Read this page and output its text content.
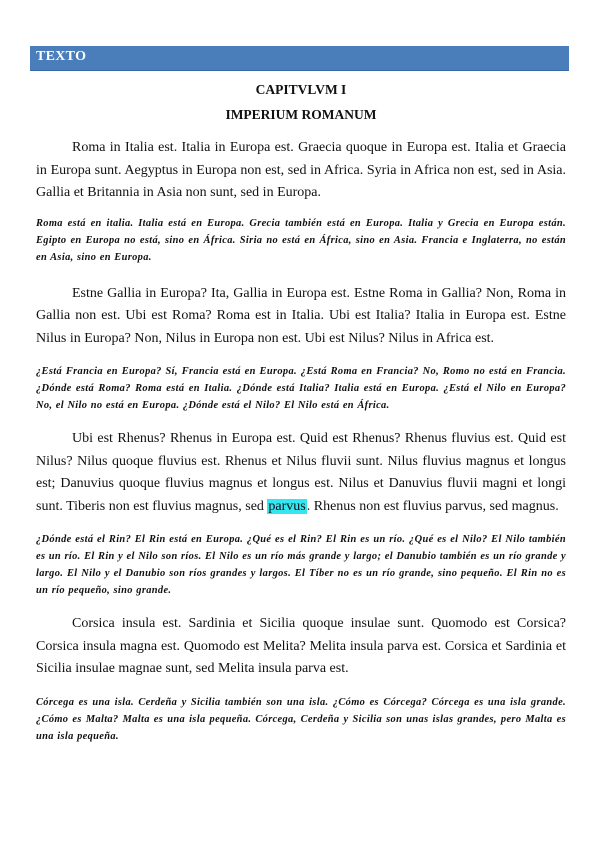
TEXTO

CAPITVLVM I

IMPERIUM ROMANUM

Roma in Italia est. Italia in Europa est. Graecia quoque in Europa est. Italia et Graecia in Europa sunt. Aegyptus in Europa non est, sed in Africa. Syria in Africa non est, sed in Asia. Gallia et Britannia in Asia non sunt, sed in Europa.

Roma está en italia. Italia está en Europa. Grecia también está en Europa. Italia y Grecia en Europa están. Egipto en Europa no está, sino en África. Siria no está en África, sino en Asia. Francia e Inglaterra, no están en Asia, sino en Europa.

Estne Gallia in Europa? Ita, Gallia in Europa est. Estne Roma in Gallia? Non, Roma in Gallia non est. Ubi est Roma? Roma est in Italia. Ubi est Italia? Italia in Europa est. Estne Nilus in Europa? Non, Nilus in Europa non est. Ubi est Nilus? Nilus in Africa est.

¿Está Francia en Europa? Sí, Francia está en Europa. ¿Está Roma en Francia? No, Romo no está en Francia. ¿Dónde está Roma? Roma está en Italia. ¿Dónde está Italia? Italia está en Europa. ¿Está el Nilo en Europa? No, el Nilo no está en Europa. ¿Dónde está el Nilo? El Nilo está en África.

Ubi est Rhenus? Rhenus in Europa est. Quid est Rhenus? Rhenus fluvius est. Quid est Nilus? Nilus quoque fluvius est. Rhenus et Nilus fluvii sunt. Nilus fluvius magnus et longus est; Danuvius quoque fluvius magnus et longus est. Nilus et Danuvius fluvii magni et longi sunt. Tiberis non est fluvius magnus, sed parvus. Rhenus non est fluvius parvus, sed magnus.

¿Dónde está el Rin? El Rin está en Europa. ¿Qué es el Rin? El Rin es un río. ¿Qué es el Nilo? El Nilo también es un río. El Rin y el Nilo son ríos. El Nilo es un río más grande y largo; el Danubio también es un río grande y largo. El Nilo y el Danubio son ríos grandes y largos. El Tíber no es un río grande, sino pequeño. El Rin no es un río pequeño, sino grande.

Corsica insula est. Sardinia et Sicilia quoque insulae sunt. Quomodo est Corsica? Corsica insula magna est. Quomodo est Melita? Melita insula parva est. Corsica et Sardinia et Sicilia insulae magnae sunt, sed Melita insula parva est.

Córcega es una isla. Cerdeña y Sicilia también son una isla. ¿Cómo es Córcega? Córcega es una isla grande. ¿Cómo es Malta? Malta es una isla pequeña. Córcega, Cerdeña y Sicilia son unas islas grandes, pero Malta es una isla pequeña.
